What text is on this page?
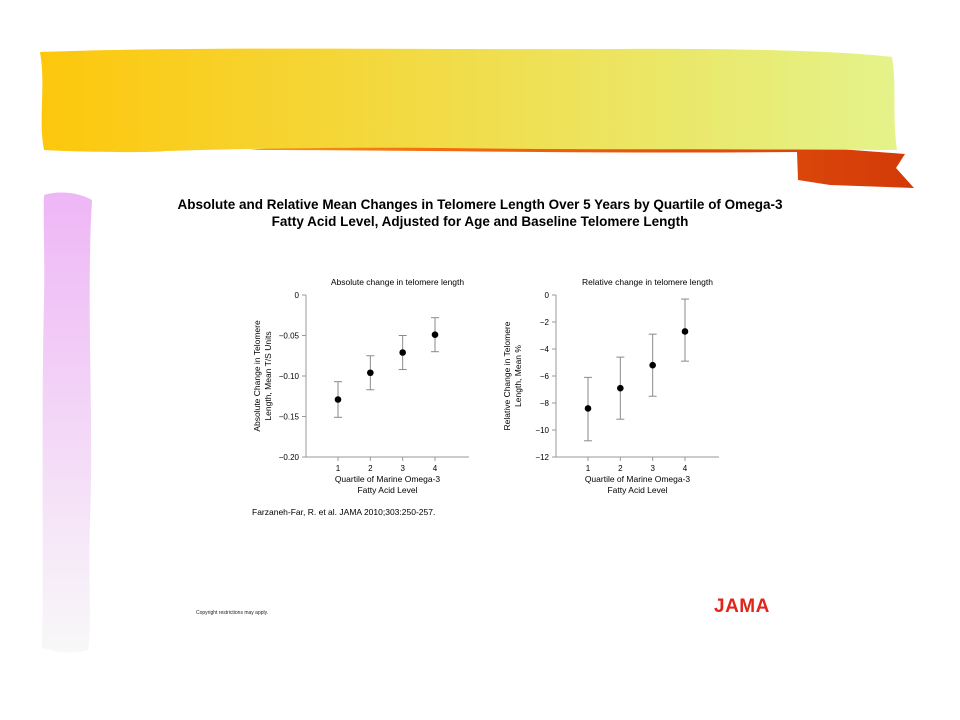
Absolute and Relative Mean Changes in Telomere Length Over 5 Years by Quartile of Omega-3
Fatty Acid Level, Adjusted for Age and Baseline Telomere Length
Absolute change in telomere length
0
−0.05
−0.10
−0.15
−0.20
1	2	3	4
Quartile of Marine Omega-3
Fatty Acid Level
Absolute Change in Telomere Length, Mean T/S Units
Relative change in telomere length
0
−2
−4
−6
−8
−10
−12
1	2	3	4
Quartile of Marine Omega-3
Fatty Acid Level
Relative Change in Telomere Length, Mean %
Farzaneh-Far, R. et al. JAMA 2010;303:250-257.
Copyright restrictions may apply.	JAMA
